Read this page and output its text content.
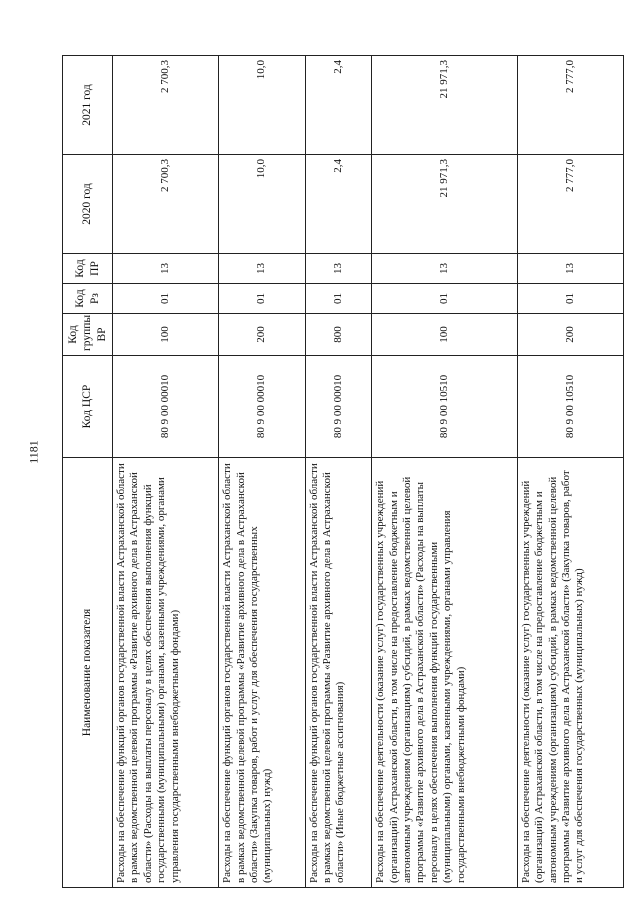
1181
Наименование показателя	Код ЦСР	Код группы ВР	Код Рз	Код ПР	2020 год	2021 год
Расходы на обеспечение функций органов государственной власти Астраханской области в рамках ведомственной целевой программы «Развитие архивного дела в Астраханской области» (Расходы на выплаты персоналу в целях обеспечения выполнения функций государственными (муниципальными) органами, казенными учреждениями, органами управления государственными внебюджетными фондами)	80 9 00 00010	100	01	13	2 700,3	2 700,3
Расходы на обеспечение функций органов государственной власти Астраханской области в рамках ведомственной целевой программы «Развитие архивного дела в Астраханской области» (Закупка товаров, работ и услуг для обеспечения государственных (муниципальных) нужд)	80 9 00 00010	200	01	13	10,0	10,0
Расходы на обеспечение функций органов государственной власти Астраханской области в рамках ведомственной целевой программы «Развитие архивного дела в Астраханской области» (Иные бюджетные ассигнования)	80 9 00 00010	800	01	13	2,4	2,4
Расходы на обеспечение деятельности (оказание услуг) государственных учреждений (организаций) Астраханской области, в том числе на предоставление бюджетным и автономным учреждениям (организациям) субсидий, в рамках ведомственной целевой программы «Развитие архивного дела в Астраханской области» (Расходы на выплаты персоналу в целях обеспечения выполнения функций государственными (муниципальными) органами, казенными учреждениями, органами управления государственными внебюджетными фондами)	80 9 00 10510	100	01	13	21 971,3	21 971,3
Расходы на обеспечение деятельности (оказание услуг) государственных учреждений (организаций) Астраханской области, в том числе на предоставление бюджетным и автономным учреждениям (организациям) субсидий, в рамках ведомственной целевой программы «Развитие архивного дела в Астраханской области» (Закупка товаров, работ и услуг для обеспечения государственных (муниципальных) нужд)	80 9 00 10510	200	01	13	2 777,0	2 777,0
